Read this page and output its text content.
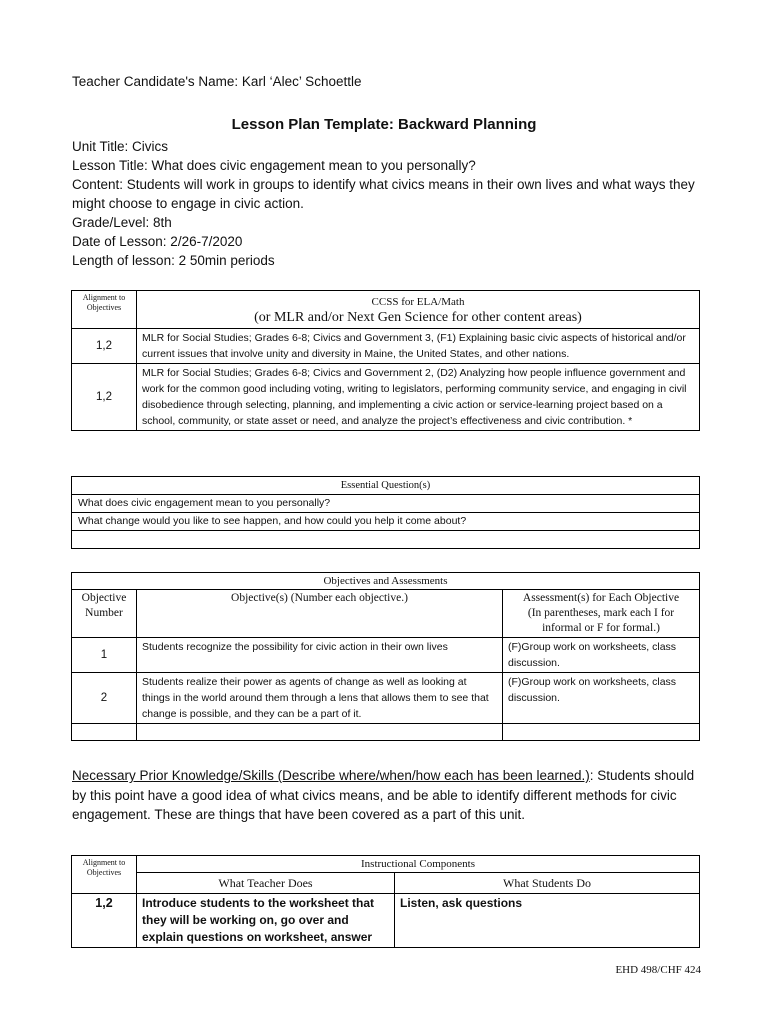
Teacher Candidate's Name: Karl ‘Alec’ Schoettle
Lesson Plan Template: Backward Planning
Unit Title: Civics
Lesson Title: What does civic engagement mean to you personally?
Content: Students will work in groups to identify what civics means in their own lives and what ways they might choose to engage in civic action.
Grade/Level: 8th
Date of Lesson: 2/26-7/2020
Length of lesson: 2 50min periods
Alignment to Objectives	CCSS for ELA/Math
(or MLR and/or Next Gen Science for other content areas)

1,2	MLR for Social Studies; Grades 6-8; Civics and Government 3, (F1) Explaining basic civic aspects of historical and/or current issues that involve unity and diversity in Maine, the United States, and other nations.
1,2	MLR for Social Studies; Grades 6-8; Civics and Government 2, (D2) Analyzing how people influence government and work for the common good including voting, writing to legislators, performing community service, and engaging in civil disobedience through selecting, planning, and implementing a civic action or service-learning project based on a school, community, or state asset or need, and analyze the project’s effectiveness and civic contribution. *
Essential Question(s)
What does civic engagement mean to you personally?
What change would you like to see happen, and how could you help it come about?

Objectives and Assessments		
Objective Number	Objective(s) (Number each objective.)	Assessment(s) for Each Objective
(In parentheses, mark each I for
informal or F for formal.)

1	Students recognize the possibility for civic action in their own lives	(F)Group work on worksheets, class discussion.
2	Students realize their power as agents of change as well as looking at things in the world around them through a lens that allows them to see that change is possible, and they can be a part of it.	(F)Group work on worksheets, class discussion.

Necessary Prior Knowledge/Skills (Describe where/when/how each has been learned.): Students should by this point have a good idea of what civics means, and be able to identify different methods for civic engagement. These are things that have been covered as a part of this unit.
Alignment to Objectives	Instructional Components	
	What Teacher Does	What Students Do
1,2	Introduce students to the worksheet that they will be working on, go over and explain questions on worksheet, answer	Listen, ask questions
EHD 498/CHF 424
